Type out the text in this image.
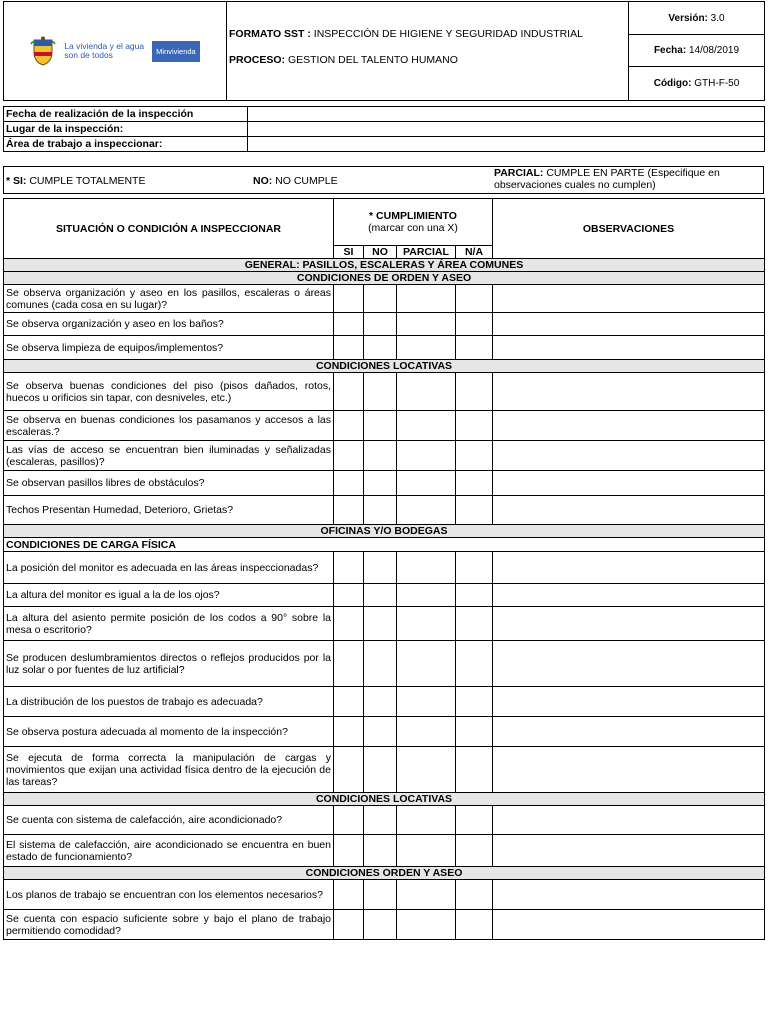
La vivienda y el agua
son de todos	Minvivienda

FORMATO SST : INSPECCIÓN DE HIGIENE Y SEGURIDAD INDUSTRIAL
PROCESO: GESTION DEL TALENTO HUMANO
	Versión: 3.0
Fecha: 14/08/2019
Código: GTH-F-50
Fecha de realización de la inspección	
Lugar de la inspección:	
Área de trabajo a inspeccionar:	
* SI: CUMPLE TOTALMENTE	NO: NO CUMPLE
PARCIAL: CUMPLE EN PARTE (Especifique en observaciones cuales no cumplen)
SITUACIÓN O CONDICIÓN A INSPECCIONAR	* CUMPLIMIENTO
(marcar con una X)				OBSERVACIONES
	SI	NO	PARCIAL	N/A	
GENERAL: PASILLOS, ESCALERAS Y ÁREA COMUNES					
CONDICIONES DE ORDEN Y ASEO					
Se observa organización y aseo en los pasillos, escaleras o áreas comunes (cada cosa en su lugar)?					
Se observa organización y aseo en los baños?					
Se observa limpieza de equipos/implementos?					
CONDICIONES LOCATIVAS					
Se observa buenas condiciones del piso (pisos dañados, rotos, huecos u orificios sin tapar, con desniveles, etc.)					
Se observa en buenas condiciones los pasamanos y accesos a las escaleras.?					
Las vías de acceso se encuentran bien iluminadas y señalizadas (escaleras, pasillos)?					
Se observan pasillos libres de obstáculos?					
Techos Presentan Humedad, Deterioro, Grietas?					
OFICINAS Y/O BODEGAS					
CONDICIONES DE CARGA FÍSICA					
La posición del monitor es adecuada en las áreas inspeccionadas?					
La altura del monitor es igual a la de los ojos?					
La altura del asiento permite posición de los codos a 90° sobre la mesa o escritorio?					
Se producen deslumbramientos directos o reflejos producidos por la luz solar o por fuentes de luz artificial?					
La distribución de los puestos de trabajo es adecuada?					
Se observa postura adecuada al momento de la inspección?					
Se ejecuta de forma correcta la manipulación de cargas y movimientos que exijan una actividad física dentro de la ejecución de las tareas?					
CONDICIONES LOCATIVAS					
Se cuenta con sistema de calefacción, aire acondicionado?					
El sistema de calefacción, aire acondicionado se encuentra en buen estado de funcionamiento?					
CONDICIONES ORDEN Y ASEO					
Los planos de trabajo se encuentran con los elementos necesarios?					
Se cuenta con espacio suficiente sobre y bajo el plano de trabajo permitiendo comodidad?					
